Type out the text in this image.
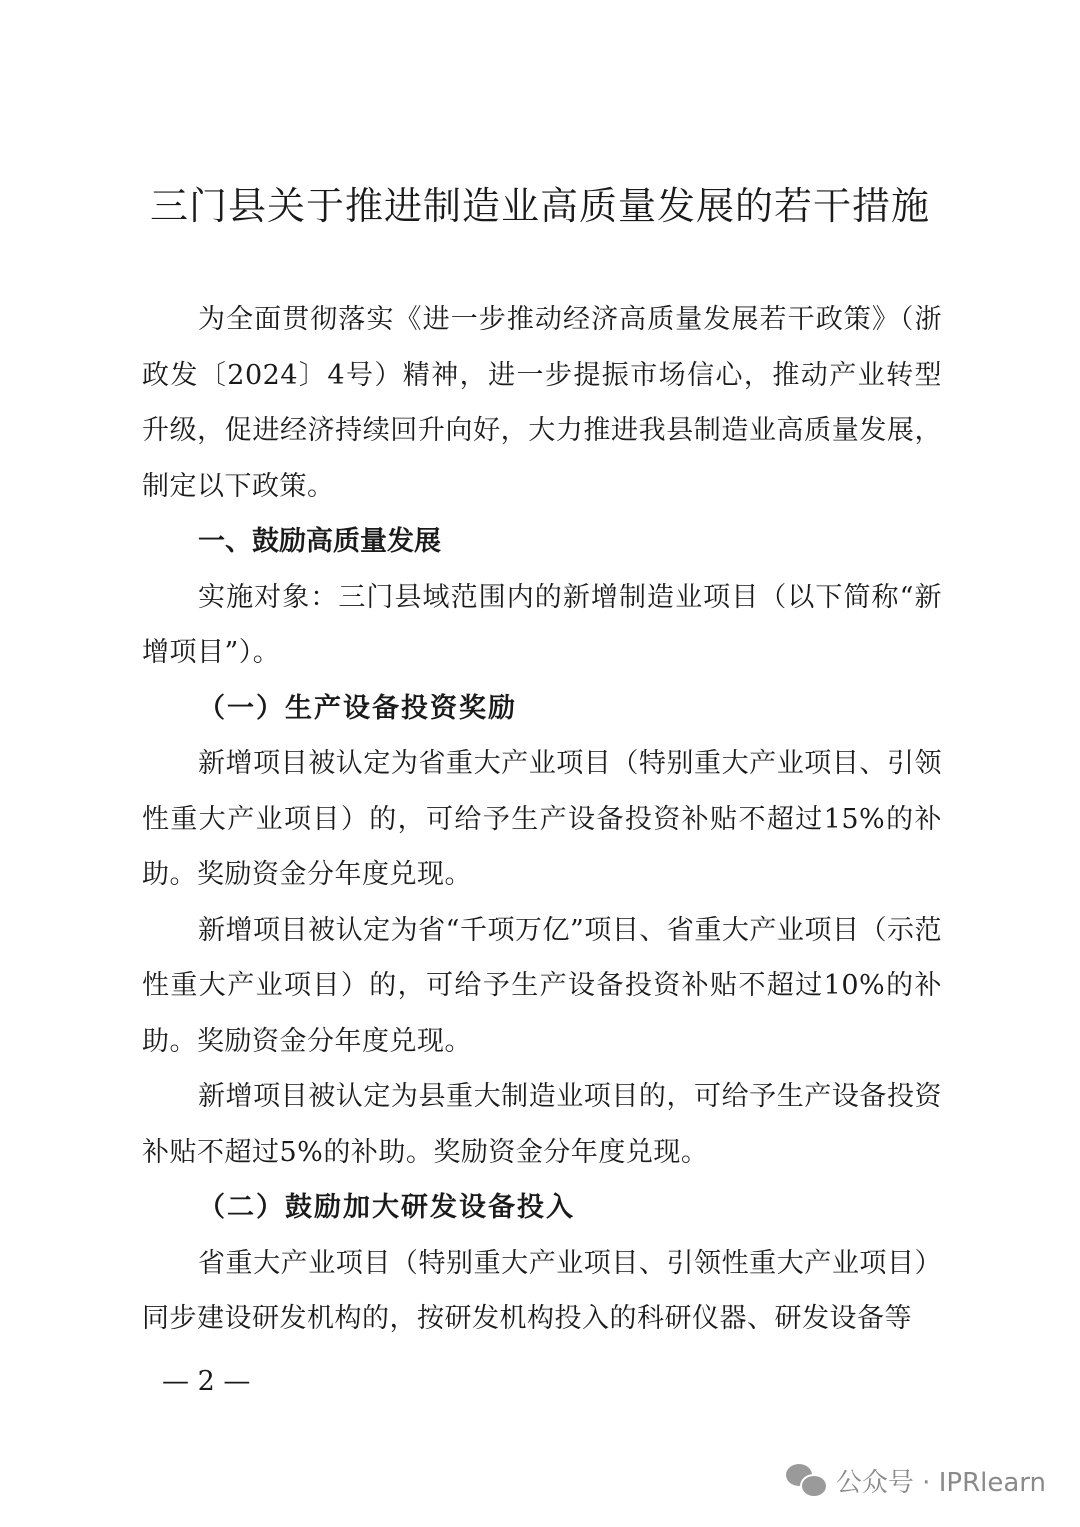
三门县关于推进制造业高质量发展的若干措施

为全面贯彻落实《进一步推动经济高质量发展若干政策》（浙政发〔2024〕4号）精神，进一步提振市场信心，推动产业转型升级，促进经济持续回升向好，大力推进我县制造业高质量发展，制定以下政策。

一、鼓励高质量发展

实施对象：三门县域范围内的新增制造业项目（以下简称“新增项目”）。

（一）生产设备投资奖励

新增项目被认定为省重大产业项目（特别重大产业项目、引领性重大产业项目）的，可给予生产设备投资补贴不超过15%的补助。奖励资金分年度兑现。

新增项目被认定为省“千项万亿”项目、省重大产业项目（示范性重大产业项目）的，可给予生产设备投资补贴不超过10%的补助。奖励资金分年度兑现。

新增项目被认定为县重大制造业项目的，可给予生产设备投资补贴不超过5%的补助。奖励资金分年度兑现。

（二）鼓励加大研发设备投入

省重大产业项目（特别重大产业项目、引领性重大产业项目）同步建设研发机构的，按研发机构投入的科研仪器、研发设备等

— 2 —
公众号 · IPRlearn
